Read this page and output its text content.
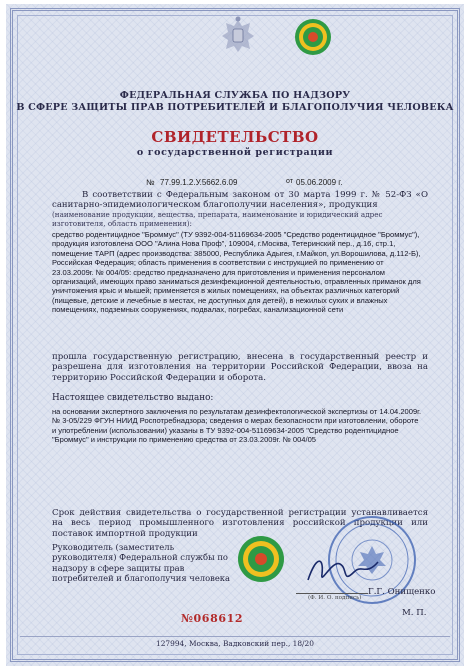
ФЕДЕРАЛЬНАЯ СЛУЖБА ПО НАДЗОРУ
В СФЕРЕ ЗАЩИТЫ ПРАВ ПОТРЕБИТЕЛЕЙ И БЛАГОПОЛУЧИЯ ЧЕЛОВЕКА
СВИДЕТЕЛЬСТВО
о государственной регистрации
№ 77.99.1.2.У.5662.6.09	от 05.06.2009 г.
В соответствии с Федеральным законом от 30 марта 1999 г. № 52-ФЗ «О санитарно-эпидемиологическом благополучии населения», продукция
(наименование продукции, вещества, препарата, наименование и юридический адрес изготовителя, область применения):
средство родентицидное "Броммус" (ТУ 9392-004-51169634-2005 "Средство родентицидное "Броммус"), продукция изготовлена ООО "Алина Нова Проф", 109004, г.Москва, Тетеринский пер., д.16, стр.1, помещение ТАРП (адрес производства: 385000, Республика Адыгея, г.Майкоп, ул.Ворошилова, д.112-Б), Российская Федерация; область применения в соответствии с инструкцией по применению от 23.03.2009г. № 004/05: средство предназначено для приготовления и применения персоналом организаций, имеющих право заниматься дезинфекционной деятельностью, отравленных приманок для уничтожения крыс и мышей; применяется в жилых помещениях, на объектах различных категорий (пищевые, детские и лечебные в местах, не доступных для детей), в нежилых сухих и влажных помещениях, подземных сооружениях, подвалах, погребах, канализационной сети
прошла государственную регистрацию, внесена в государственный реестр и разрешена для изготовления на территории Российской Федерации, ввоза на территорию Российской Федерации и оборота.
Настоящее свидетельство выдано:
на основании экспертного заключения по результатам дезинфектологической экспертизы от 14.04.2009г. № 3-05/229 ФГУН НИИД Роспотребнадзора; сведения о мерах безопасности при изготовлении, обороте и употреблении (использовании) указаны в ТУ 9392-004-51169634-2005 "Средство родентицидное "Броммус" и инструкции по применению средства от 23.03.2009г. № 004/05
Срок действия свидетельства о государственной регистрации устанавливается на весь период промышленного изготовления российской продукции или поставок импортной продукции
Руководитель (заместитель руководителя) Федеральной службы по надзору в сфере защиты прав потребителей и благополучия человека
(Ф. И. О. подпись)
Г.Г. Онищенко
М. П.
№068612
127994, Москва, Вадковский пер., 18/20
